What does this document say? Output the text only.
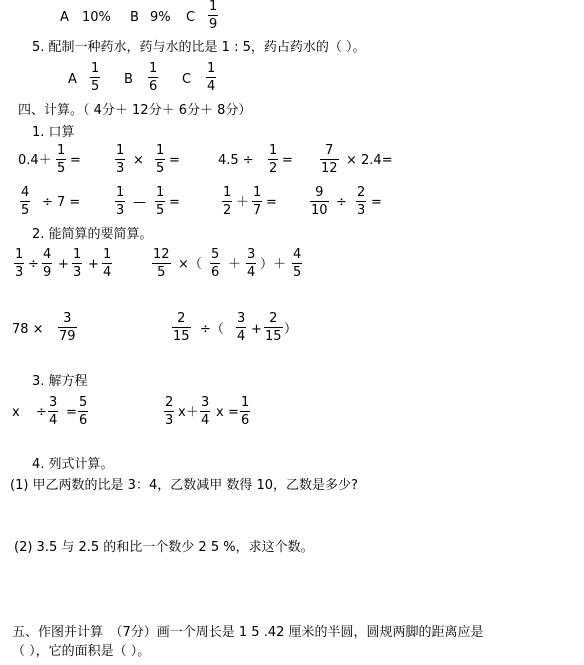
A 10% B 9% C
1
9
5. 配制一种药水，药与水的比是 1 : 5，药占药水的（ ）。
A
1
5 B
1
6 C
1
4
四、计算。（ 4分＋ 12分＋ 6分＋ 8分）
1. 口算
0.4＋
1
5
=
1
3
×
1
5
=	4.5 ÷
1
2
=
7
12
× 2.4=
4
5
÷ 7 =
1
3
—
1
5
=
1
2
＋
1
7
=
9
10
÷
2
3
=
2. 能简算的要简算。
1
3
÷
4
9
+
1
3
+
1
4
12
5
×（
5
6
＋
3
4
）＋
4
5
78 ×
3
79
2
15 ÷（
3
4 +
2
15 ）
3. 解方程
x ÷
3
4
=
5
6
2
3
x＋
3
4
x =
1
6
4. 列式计算。
(1) 甲乙两数的比是 3：4，乙数减甲 数得 10，乙数是多少?
(2) 3.5 与 2.5 的和比一个数少 2 5 %，求这个数。
五、作图并计算　（7分）画一个周长是 1 5 .42 厘米的半圆，圆规两脚的距离应是
（ ），它的面积是（ ）。
